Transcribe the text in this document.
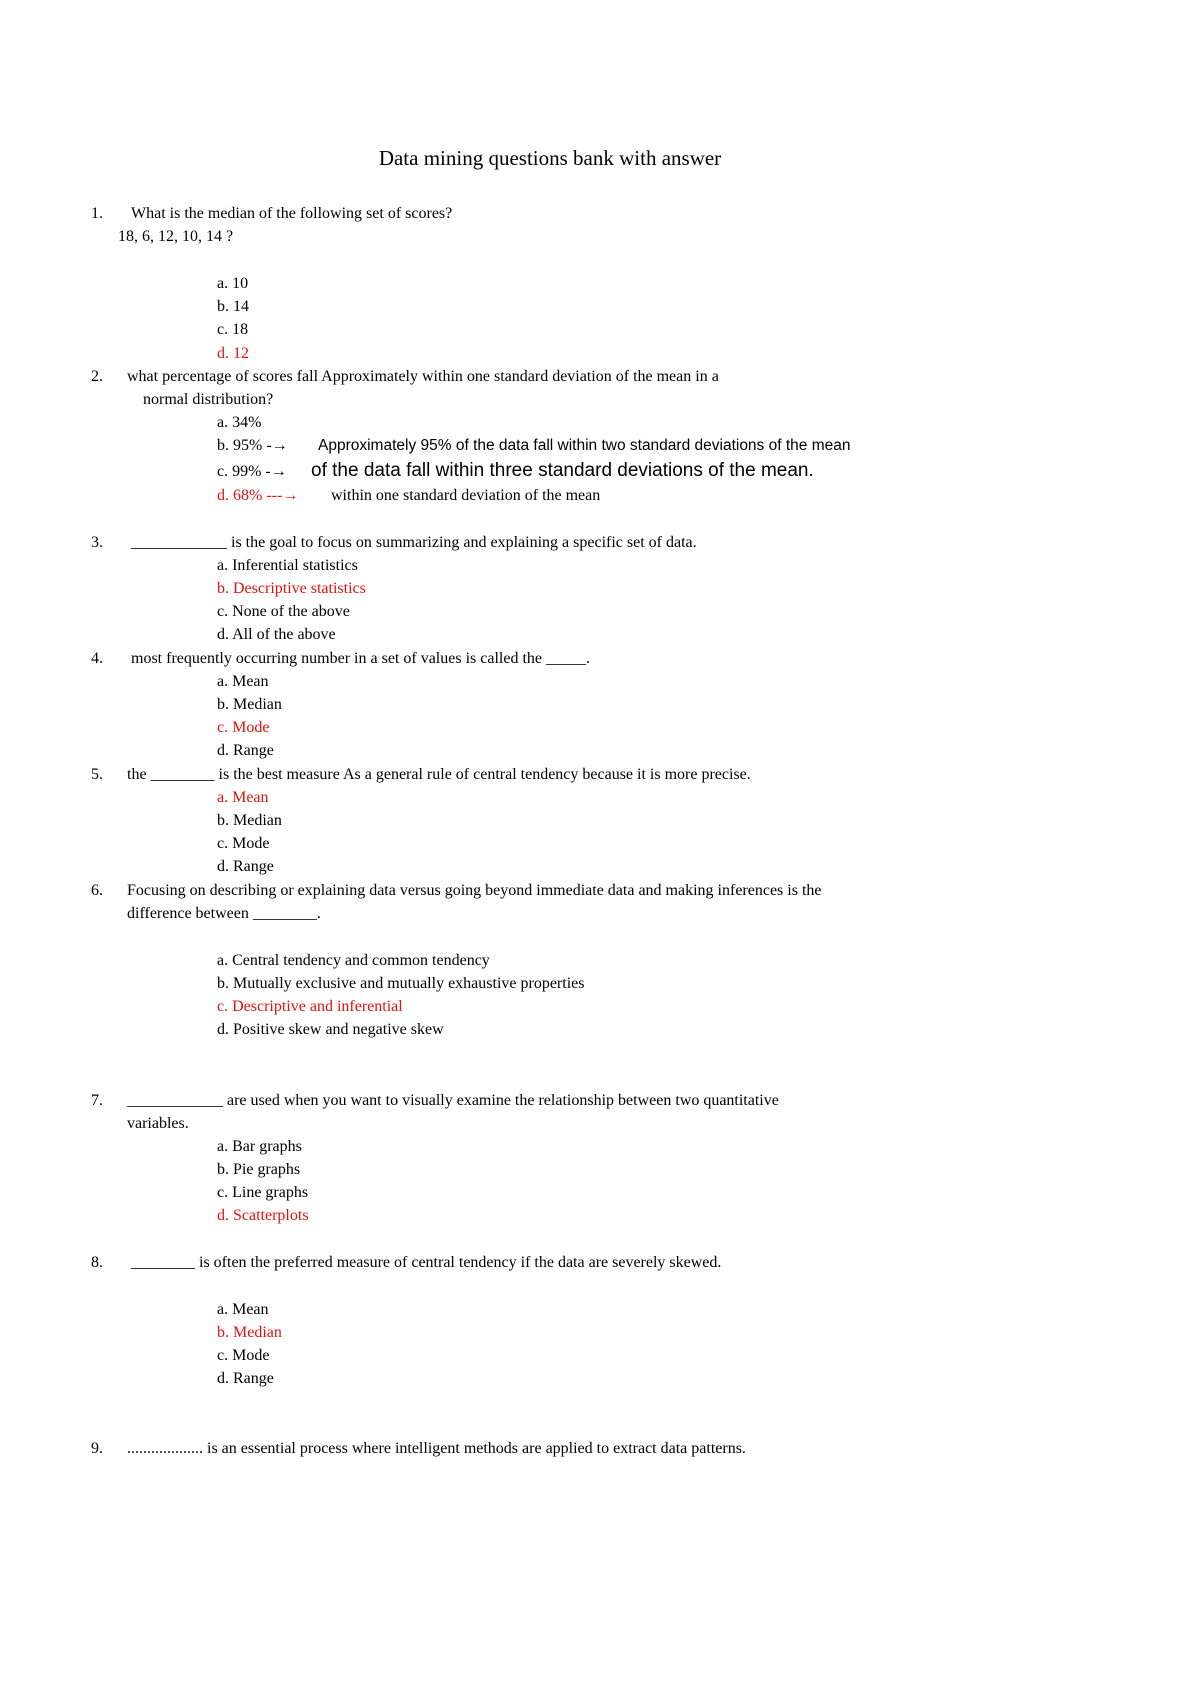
Data mining questions bank with answer
1. What is the median of the following set of scores?
18, 6, 12, 10, 14 ?
a. 10
b. 14
c. 18
d. 12
2. what percentage of scores fall Approximately within one standard deviation of the mean in a
normal distribution?
a. 34%
b. 95% -→ Approximately 95% of the data fall within two standard deviations of the mean
c. 99% -→ of the data fall within three standard deviations of the mean.
d. 68% ---→ within one standard deviation of the mean
3. ____________ is the goal to focus on summarizing and explaining a specific set of data.
a. Inferential statistics
b. Descriptive statistics
c. None of the above
d. All of the above
4. most frequently occurring number in a set of values is called the _____.
a. Mean
b. Median
c. Mode
d. Range
5. the ________ is the best measure As a general rule of central tendency because it is more precise.
a. Mean
b. Median
c. Mode
d. Range
6. Focusing on describing or explaining data versus going beyond immediate data and making inferences is the
difference between ________.
a. Central tendency and common tendency
b. Mutually exclusive and mutually exhaustive properties
c. Descriptive and inferential
d. Positive skew and negative skew
7. ____________ are used when you want to visually examine the relationship between two quantitative
variables.
a. Bar graphs
b. Pie graphs
c. Line graphs
d. Scatterplots
8. ________ is often the preferred measure of central tendency if the data are severely skewed.
a. Mean
b. Median
c. Mode
d. Range
9. ................... is an essential process where intelligent methods are applied to extract data patterns.
